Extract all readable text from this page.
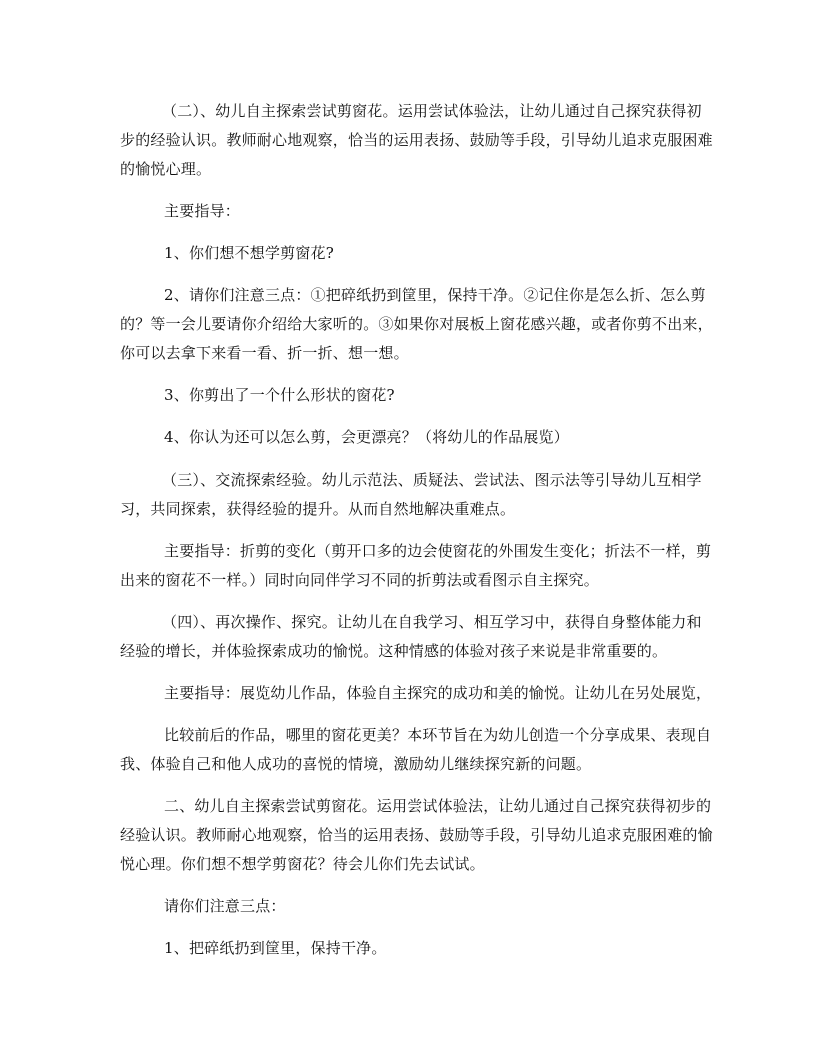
（二）、幼儿自主探索尝试剪窗花。运用尝试体验法，让幼儿通过自己探究获得初
步的经验认识。教师耐心地观察，恰当的运用表扬、鼓励等手段，引导幼儿追求克服困难
的愉悦心理。
主要指导：
1、你们想不想学剪窗花?
2、请你们注意三点：①把碎纸扔到筐里，保持干净。②记住你是怎么折、怎么剪
的？等一会儿要请你介绍给大家听的。③如果你对展板上窗花感兴趣，或者你剪不出来，
你可以去拿下来看一看、折一折、想一想。
3、你剪出了一个什么形状的窗花?
4、你认为还可以怎么剪，会更漂亮？（将幼儿的作品展览）
（三）、交流探索经验。幼儿示范法、质疑法、尝试法、图示法等引导幼儿互相学
习，共同探索，获得经验的提升。从而自然地解决重难点。
主要指导：折剪的变化（剪开口多的边会使窗花的外围发生变化；折法不一样，剪
出来的窗花不一样。）同时向同伴学习不同的折剪法或看图示自主探究。
（四）、再次操作、探究。让幼儿在自我学习、相互学习中，获得自身整体能力和
经验的增长，并体验探索成功的愉悦。这种情感的体验对孩子来说是非常重要的。
主要指导：展览幼儿作品，体验自主探究的成功和美的愉悦。让幼儿在另处展览，
比较前后的作品，哪里的窗花更美？本环节旨在为幼儿创造一个分享成果、表现自
我、体验自己和他人成功的喜悦的情境，激励幼儿继续探究新的问题。
二、幼儿自主探索尝试剪窗花。运用尝试体验法，让幼儿通过自己探究获得初步的
经验认识。教师耐心地观察，恰当的运用表扬、鼓励等手段，引导幼儿追求克服困难的愉
悦心理。你们想不想学剪窗花？待会儿你们先去试试。
请你们注意三点：
1、把碎纸扔到筐里，保持干净。
